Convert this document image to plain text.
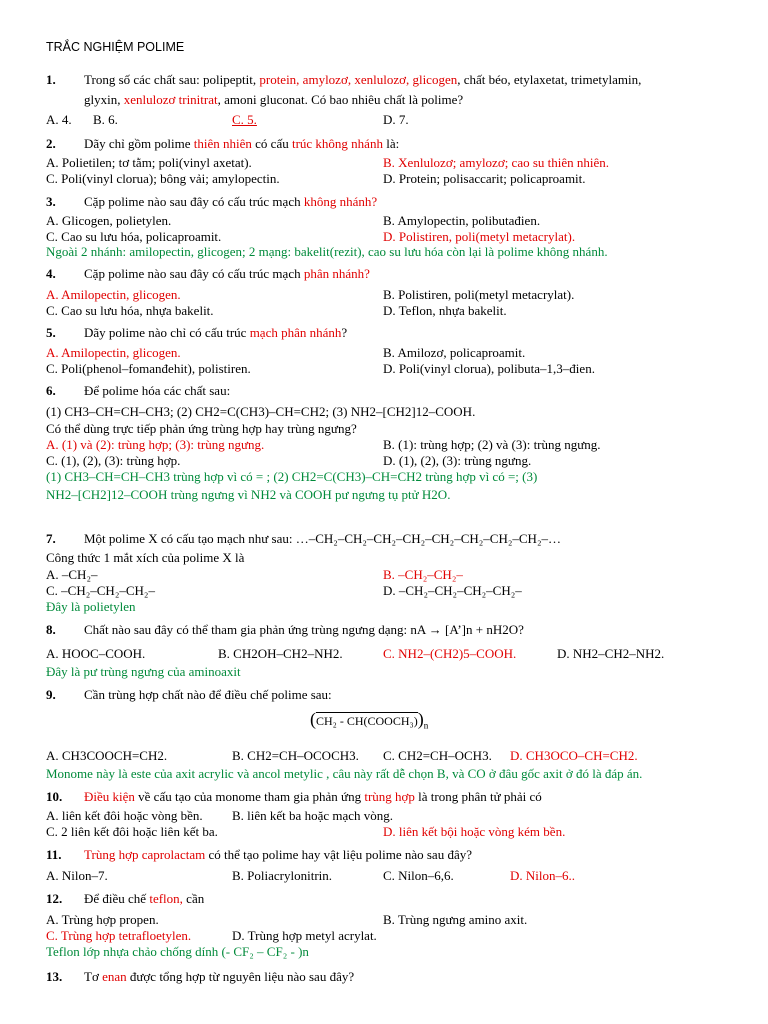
TRẮC NGHIỆM POLIME
1. Trong số các chất sau: polipeptit, protein, amylozơ, xenlulozơ, glicogen, chất béo, etylaxetat, trimetylamin,
glyxin, xenlulozơ trinitrat, amoni gluconat. Có bao nhiêu chất là polime?
A. 4. B. 6.	C. 5.	D. 7.
2. Dãy chỉ gồm polime thiên nhiên có cấu trúc không nhánh là:
A. Polietilen; tơ tằm; poli(vinyl axetat).	B. Xenlulozơ; amylozơ; cao su thiên nhiên.
C. Poli(vinyl clorua); bông vải; amylopectin.	D. Protein; polisaccarit; policaproamit.
3. Cặp polime nào sau đây có cấu trúc mạch không nhánh?
A. Glicogen, polietylen.	B. Amylopectin, polibutađien.
C. Cao su lưu hóa, policaproamit.	D. Polistiren, poli(metyl metacrylat).
Ngoài 2 nhánh: amilopectin, glicogen; 2 mạng: bakelit(rezit), cao su lưu hóa còn lại là polime không nhánh.
4. Cặp polime nào sau đây có cấu trúc mạch phân nhánh?
A. Amilopectin, glicogen.	B. Polistiren, poli(metyl metacrylat).
C. Cao su lưu hóa, nhựa bakelit.	D. Teflon, nhựa bakelit.
5. Dãy polime nào chỉ có cấu trúc mạch phân nhánh?
A. Amilopectin, glicogen.	B. Amilozơ, policaproamit.
C. Poli(phenol–fomanđehit), polistiren.	D. Poli(vinyl clorua), polibuta–1,3–đien.
6. Để polime hóa các chất sau:
(1) CH3–CH=CH–CH3; (2) CH2=C(CH3)–CH=CH2; (3) NH2–[CH2]12–COOH.
Có thể dùng trực tiếp phản ứng trùng hợp hay trùng ngưng?
A. (1) và (2): trùng hợp; (3): trùng ngưng.	B. (1): trùng hợp; (2) và (3): trùng ngưng.
C. (1), (2), (3): trùng hợp.	D. (1), (2), (3): trùng ngưng.
(1) CH3–CH=CH–CH3 trùng hợp vì có = ; (2) CH2=C(CH3)–CH=CH2 trùng hợp vì có =; (3)
NH2–[CH2]12–COOH trùng ngưng vì NH2 và COOH pư ngưng tụ ptử H2O.
7. Một polime X có cấu tạo mạch như sau: …–CH₂–CH₂–CH₂–CH₂–CH₂–CH₂–CH₂–CH₂–…
Công thức 1 mắt xích của polime X là
A. –CH₂–	B. –CH₂–CH₂–
C. –CH₂–CH₂–CH₂–	D. –CH₂–CH₂–CH₂–CH₂–
Đây là polietylen
8. Chất nào sau đây có thể tham gia phản ứng trùng ngưng dạng: nA → [A’]n + nH2O?
A. HOOC–COOH.	B. CH2OH–CH2–NH2.	C. NH2–(CH2)5–COOH.	D. NH2–CH2–NH2.
Đây là pư trùng ngưng của aminoaxit
9. Cần trùng hợp chất nào để điều chế polime sau:
$(CH_2 - CH(COOCH_3))_n$
A. CH3COOCH=CH2.	B. CH2=CH–OCOCH3. C. CH2=CH–OCH3. D. CH3OCO–CH=CH2.
Monome này là este của axit acrylic và ancol metylic , câu này rất dễ chọn B, và CO ở đâu gốc axit ở đó là đáp án.
10. Điều kiện về cấu tạo của monome tham gia phản ứng trùng hợp là trong phân tử phải có
A. liên kết đôi hoặc vòng bền. B. liên kết ba hoặc mạch vòng.
C. 2 liên kết đôi hoặc liên kết ba.	D. liên kết bội hoặc vòng kém bền.
11. Trùng hợp caprolactam có thể tạo polime hay vật liệu polime nào sau đây?
A. Nilon–7.	B. Poliacrylonitrin.	C. Nilon–6,6.	D. Nilon–6..
12. Để điều chế teflon, cần
A. Trùng hợp propen.	B. Trùng ngưng amino axit.
C. Trùng hợp tetrafloetylen.	D. Trùng hợp metyl acrylat.
Teflon lớp nhựa chảo chống dính (- CF₂ – CF₂ - )n
13. Tơ enan được tổng hợp từ nguyên liệu nào sau đây?
